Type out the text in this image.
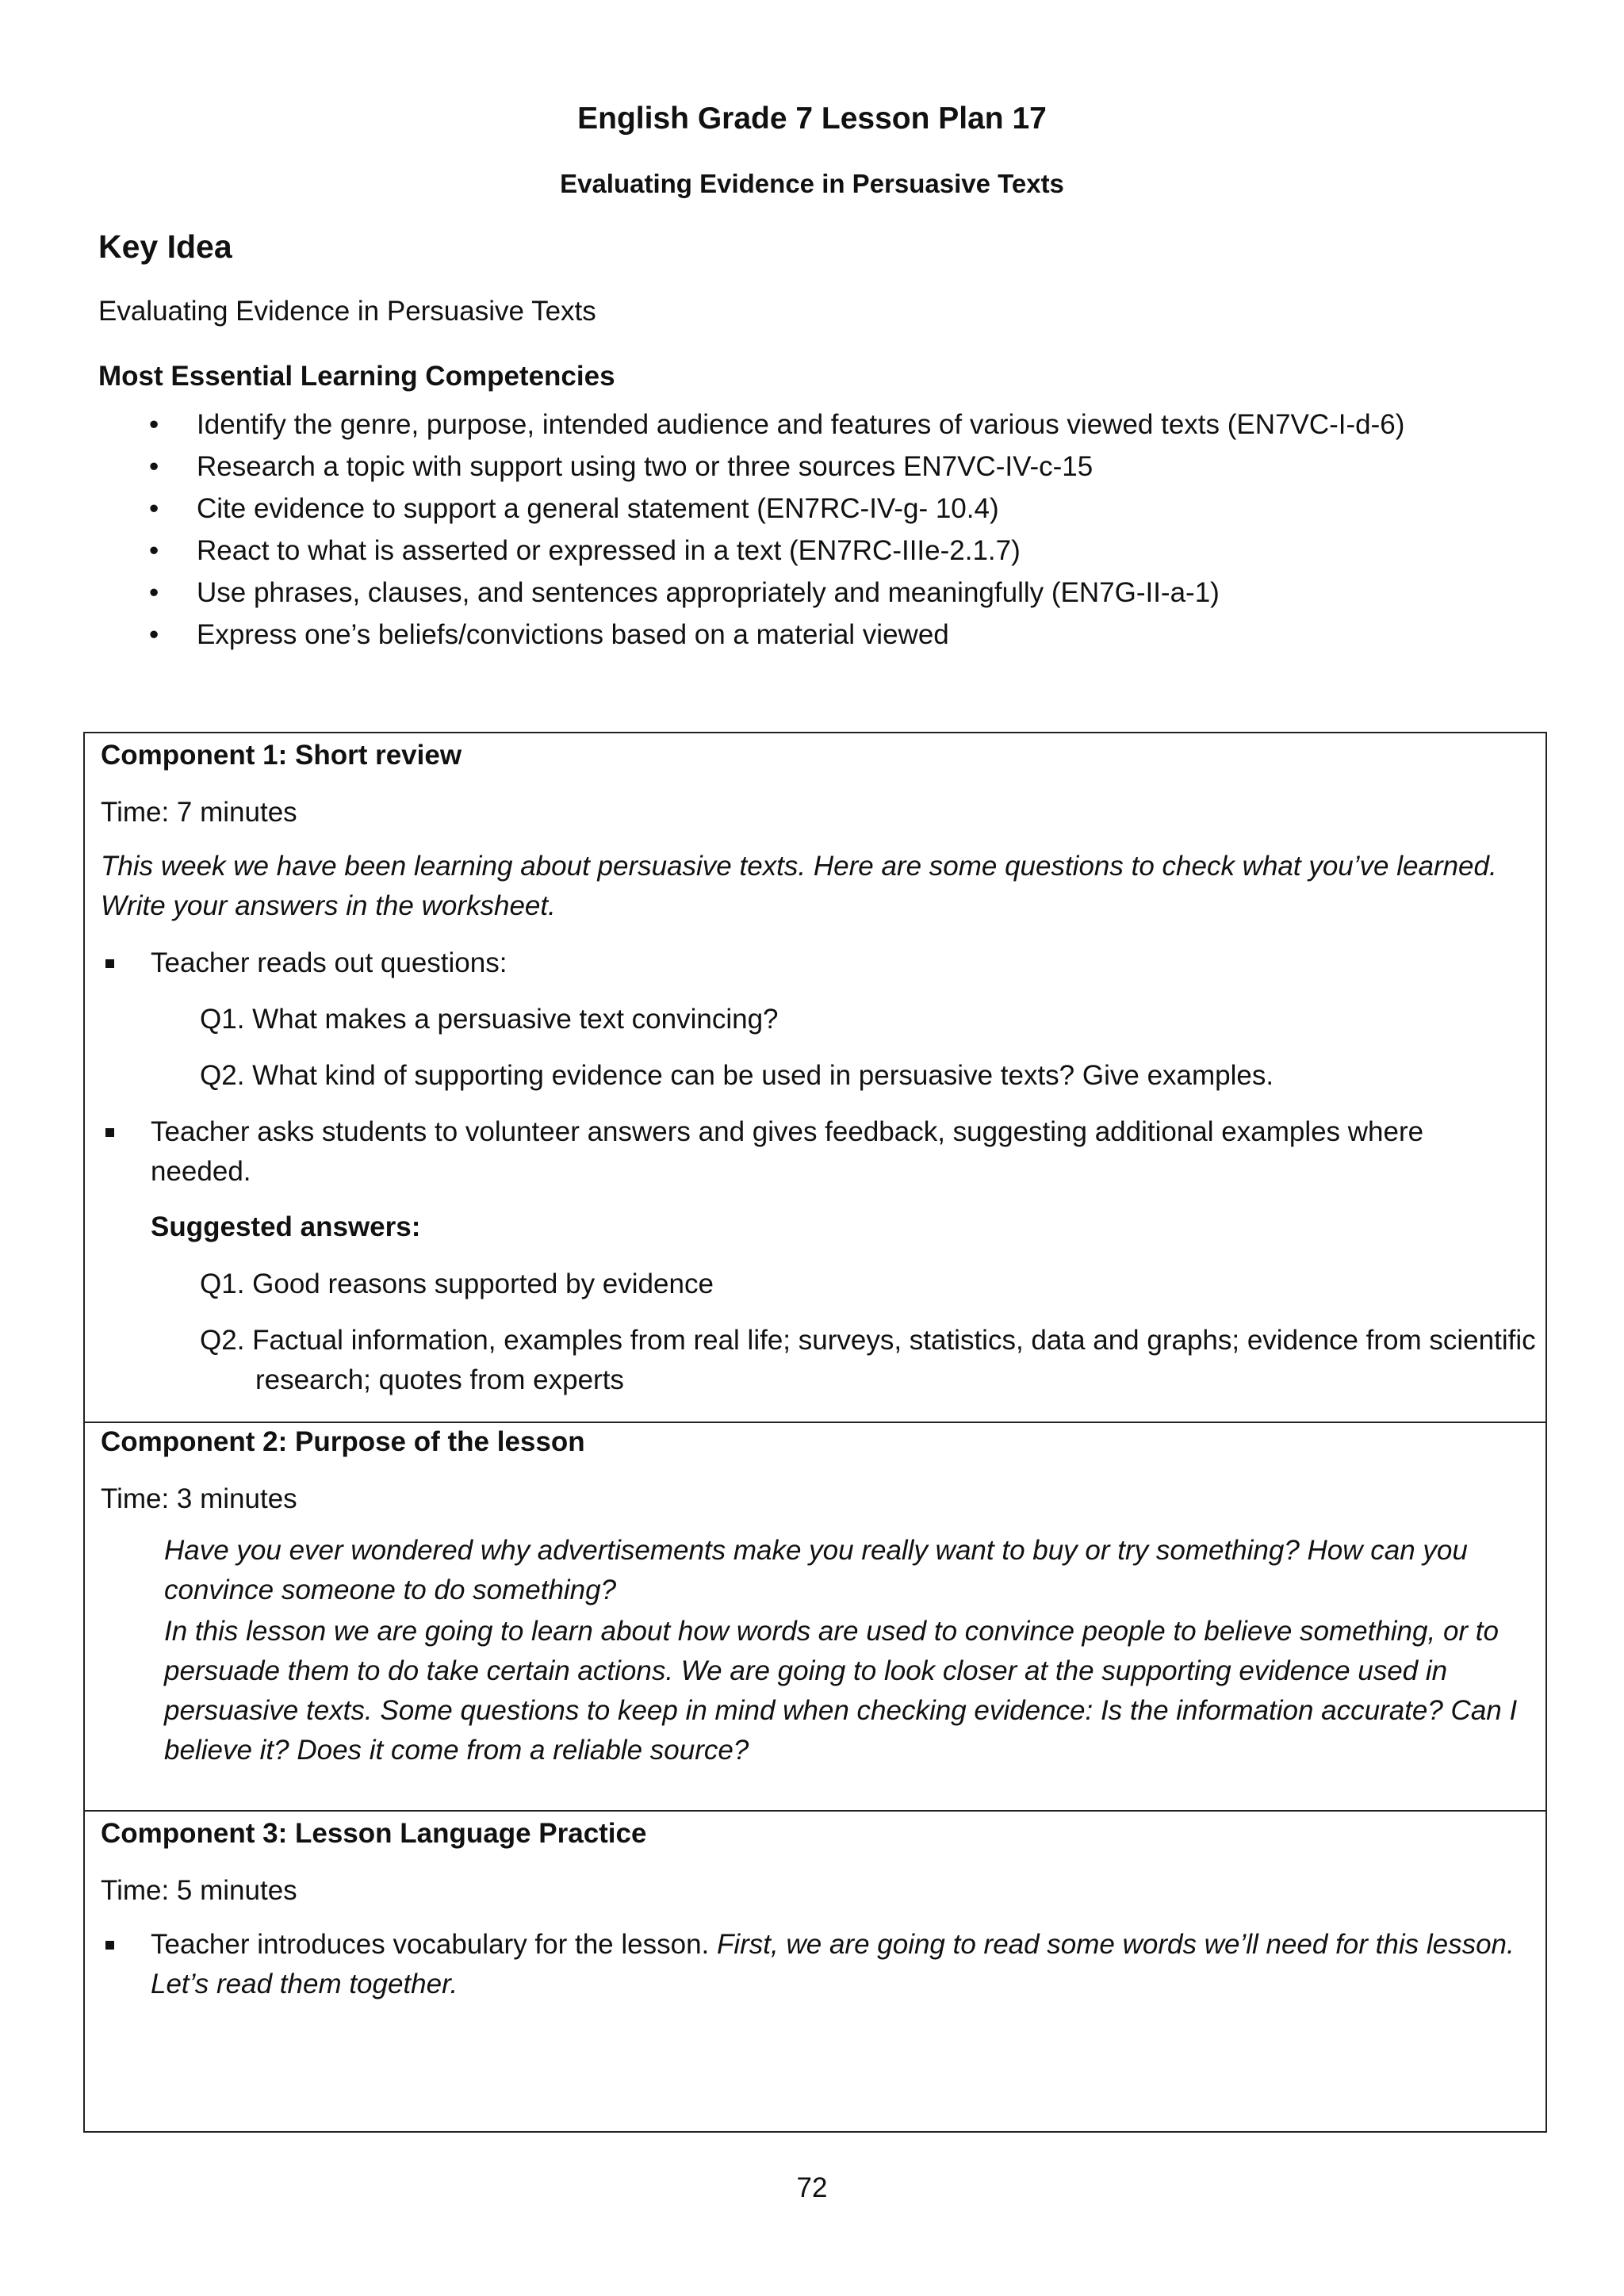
English Grade 7 Lesson Plan 17
Evaluating Evidence in Persuasive Texts
Key Idea
Evaluating Evidence in Persuasive Texts
Most Essential Learning Competencies
• Identify the genre, purpose, intended audience and features of various viewed texts (EN7VC-I-d-6)
• Research a topic with support using two or three sources EN7VC-IV-c-15
• Cite evidence to support a general statement (EN7RC-IV-g- 10.4)
• React to what is asserted or expressed in a text (EN7RC-IIIe-2.1.7)
• Use phrases, clauses, and sentences appropriately and meaningfully (EN7G-II-a-1)
• Express one’s beliefs/convictions based on a material viewed
Component 1: Short review
Time: 7 minutes
This week we have been learning about persuasive texts. Here are some questions to check what you’ve learned. Write your answers in the worksheet.
Teacher reads out questions:
Q1. What makes a persuasive text convincing?
Q2. What kind of supporting evidence can be used in persuasive texts? Give examples.
Teacher asks students to volunteer answers and gives feedback, suggesting additional examples where needed.
Suggested answers:
Q1. Good reasons supported by evidence
Q2. Factual information, examples from real life; surveys, statistics, data and graphs; evidence from scientific research; quotes from experts
Component 2: Purpose of the lesson
Time: 3 minutes
Have you ever wondered why advertisements make you really want to buy or try something? How can you convince someone to do something?
In this lesson we are going to learn about how words are used to convince people to believe something, or to persuade them to do take certain actions. We are going to look closer at the supporting evidence used in persuasive texts. Some questions to keep in mind when checking evidence: Is the information accurate? Can I believe it? Does it come from a reliable source?
Component 3: Lesson Language Practice
Time: 5 minutes
Teacher introduces vocabulary for the lesson. First, we are going to read some words we’ll need for this lesson. Let’s read them together.
72
